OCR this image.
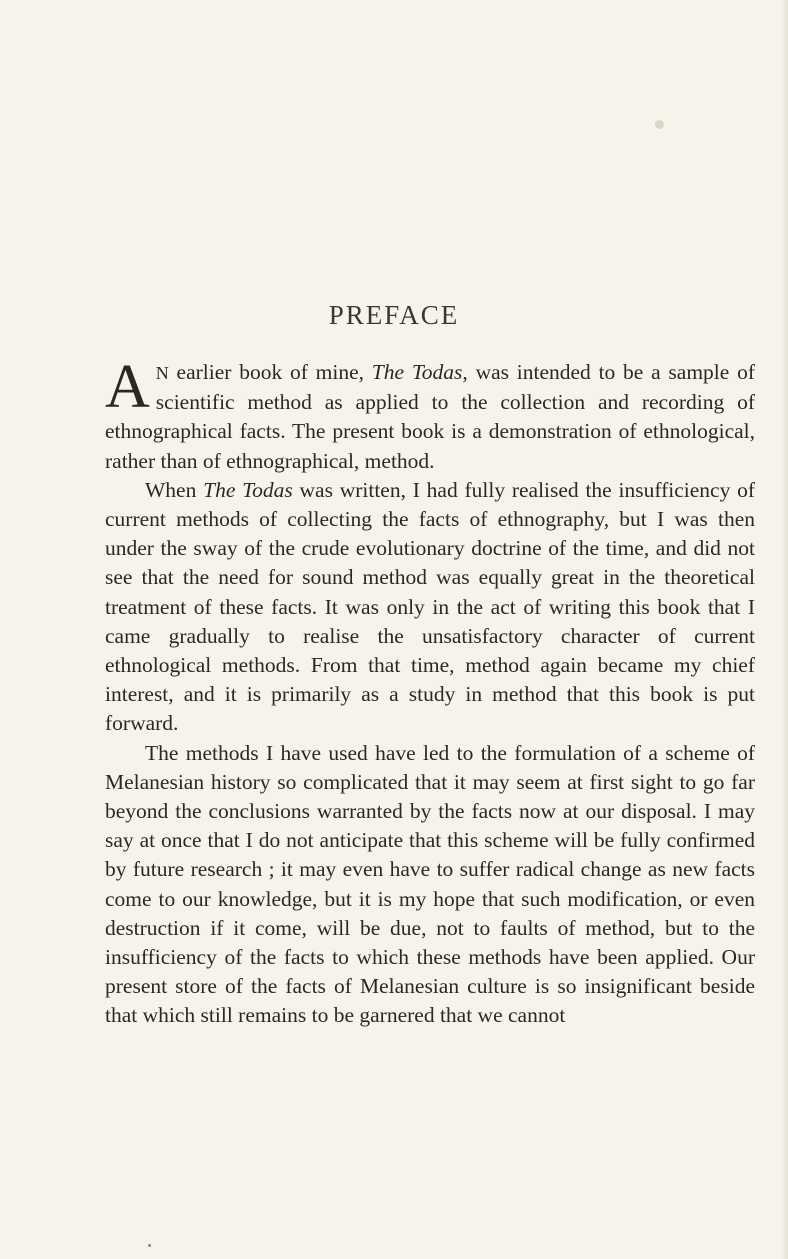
PREFACE

A N earlier book of mine, The Todas, was intended to be a sample of scientific method as applied to the collection and recording of ethnographical facts. The present book is a demonstration of ethnological, rather than of ethnographical, method.

When The Todas was written, I had fully realised the insufficiency of current methods of collecting the facts of ethnography, but I was then under the sway of the crude evolutionary doctrine of the time, and did not see that the need for sound method was equally great in the theoretical treatment of these facts. It was only in the act of writing this book that I came gradually to realise the unsatisfactory character of current ethnological methods. From that time, method again became my chief interest, and it is primarily as a study in method that this book is put forward.

The methods I have used have led to the formulation of a scheme of Melanesian history so complicated that it may seem at first sight to go far beyond the conclusions warranted by the facts now at our disposal. I may say at once that I do not anticipate that this scheme will be fully confirmed by future research ; it may even have to suffer radical change as new facts come to our knowledge, but it is my hope that such modification, or even destruction if it come, will be due, not to faults of method, but to the insufficiency of the facts to which these methods have been applied. Our present store of the facts of Melanesian culture is so insignificant beside that which still remains to be garnered that we cannot
